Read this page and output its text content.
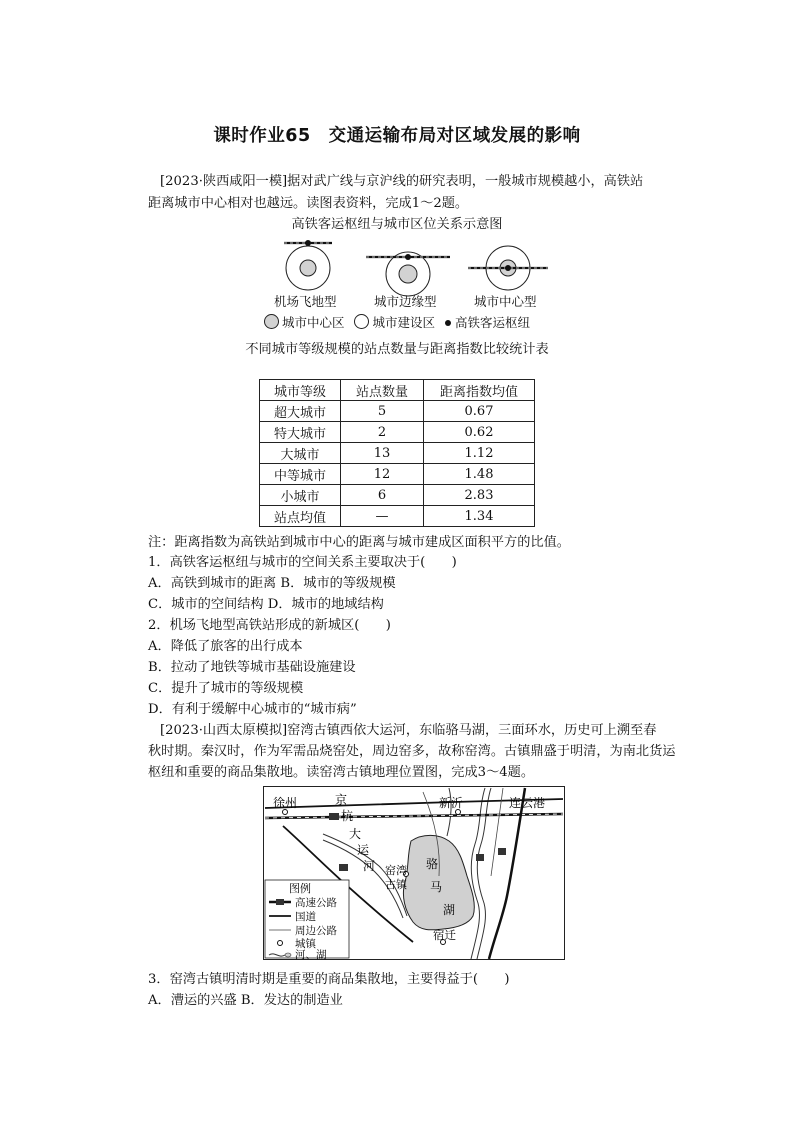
课时作业65　交通运输布局对区域发展的影响
[2023·陕西咸阳一模]据对武广线与京沪线的研究表明，一般城市规模越小，高铁站
距离城市中心相对也越远。读图表资料，完成1～2题。
高铁客运枢纽与城市区位关系示意图
机场飞地型	城市边缘型	城市中心型
城市中心区 城市建设区 高铁客运枢纽
不同城市等级规模的站点数量与距离指数比较统计表
城市等级	站点数量	距离指数均值
超大城市	5	0.67
特大城市	2	0.62
大城市	13	1.12
中等城市	12	1.48
小城市	6	2.83
站点均值	—	1.34
注：距离指数为高铁站到城市中心的距离与城市建成区面积平方的比值。
1．高铁客运枢纽与城市的空间关系主要取决于(　　)
A．高铁到城市的距离 B．城市的等级规模
C．城市的空间结构 D．城市的地域结构
2．机场飞地型高铁站形成的新城区(　　)
A．降低了旅客的出行成本
B．拉动了地铁等城市基础设施建设
C．提升了城市的等级规模
D．有利于缓解中心城市的“城市病”
[2023·山西太原模拟]窑湾古镇西依大运河，东临骆马湖，三面环水，历史可上溯至春
秋时期。秦汉时，作为军需品烧窑处，周边窑多，故称窑湾。古镇鼎盛于明清，为南北货运
枢纽和重要的商品集散地。读窑湾古镇地理位置图，完成3～4题。
徐州	新沂	连云港
宿迁
窑湾
古镇
京
杭
大
运
河	骆
马
湖
图例
高速公路
国道
周边公路
城镇
河、湖
3．窑湾古镇明清时期是重要的商品集散地，主要得益于(　　)
A．漕运的兴盛 B．发达的制造业
